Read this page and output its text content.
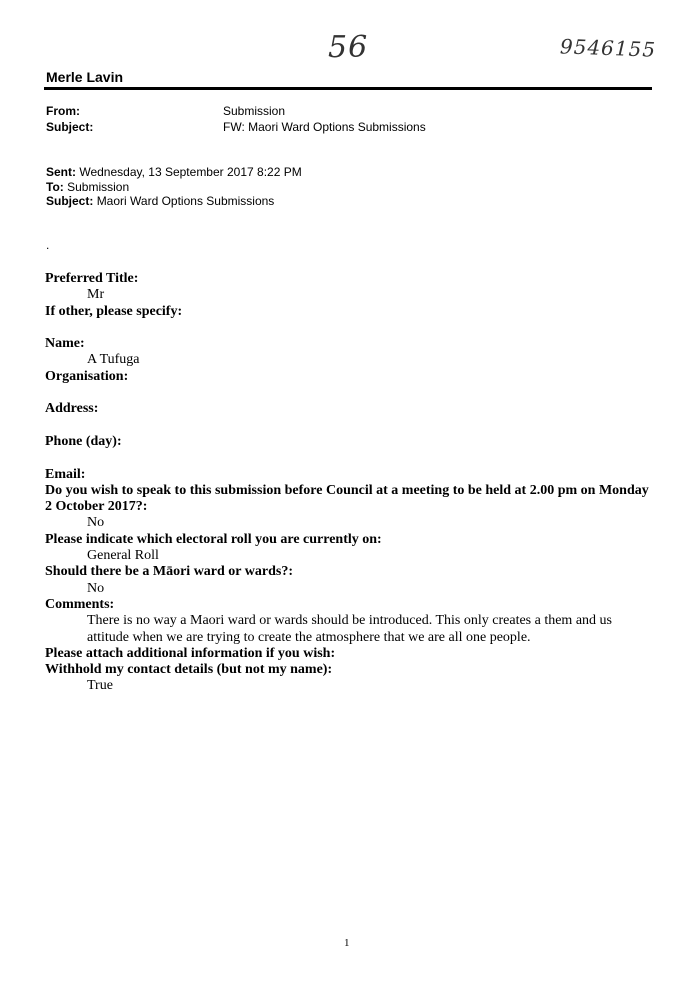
56	9546155
Merle Lavin
From:	Submission
Subject:	FW: Maori Ward Options Submissions
Sent: Wednesday, 13 September 2017 8:22 PM
To: Submission
Subject: Maori Ward Options Submissions
.

Preferred Title:

Mr

If other, please specify:

Name:

A Tufuga

Organisation:

Address:

Phone (day):

Email:

Do you wish to speak to this submission before Council at a meeting to be held at 2.00 pm on Monday 2 October 2017?:

No

Please indicate which electoral roll you are currently on:

General Roll

Should there be a Māori ward or wards?:

No

Comments:

There is no way a Maori ward or wards should be introduced. This only creates a them and us attitude when we are trying to create the atmosphere that we are all one people.

Please attach additional information if you wish:

Withhold my contact details (but not my name):

True

1
